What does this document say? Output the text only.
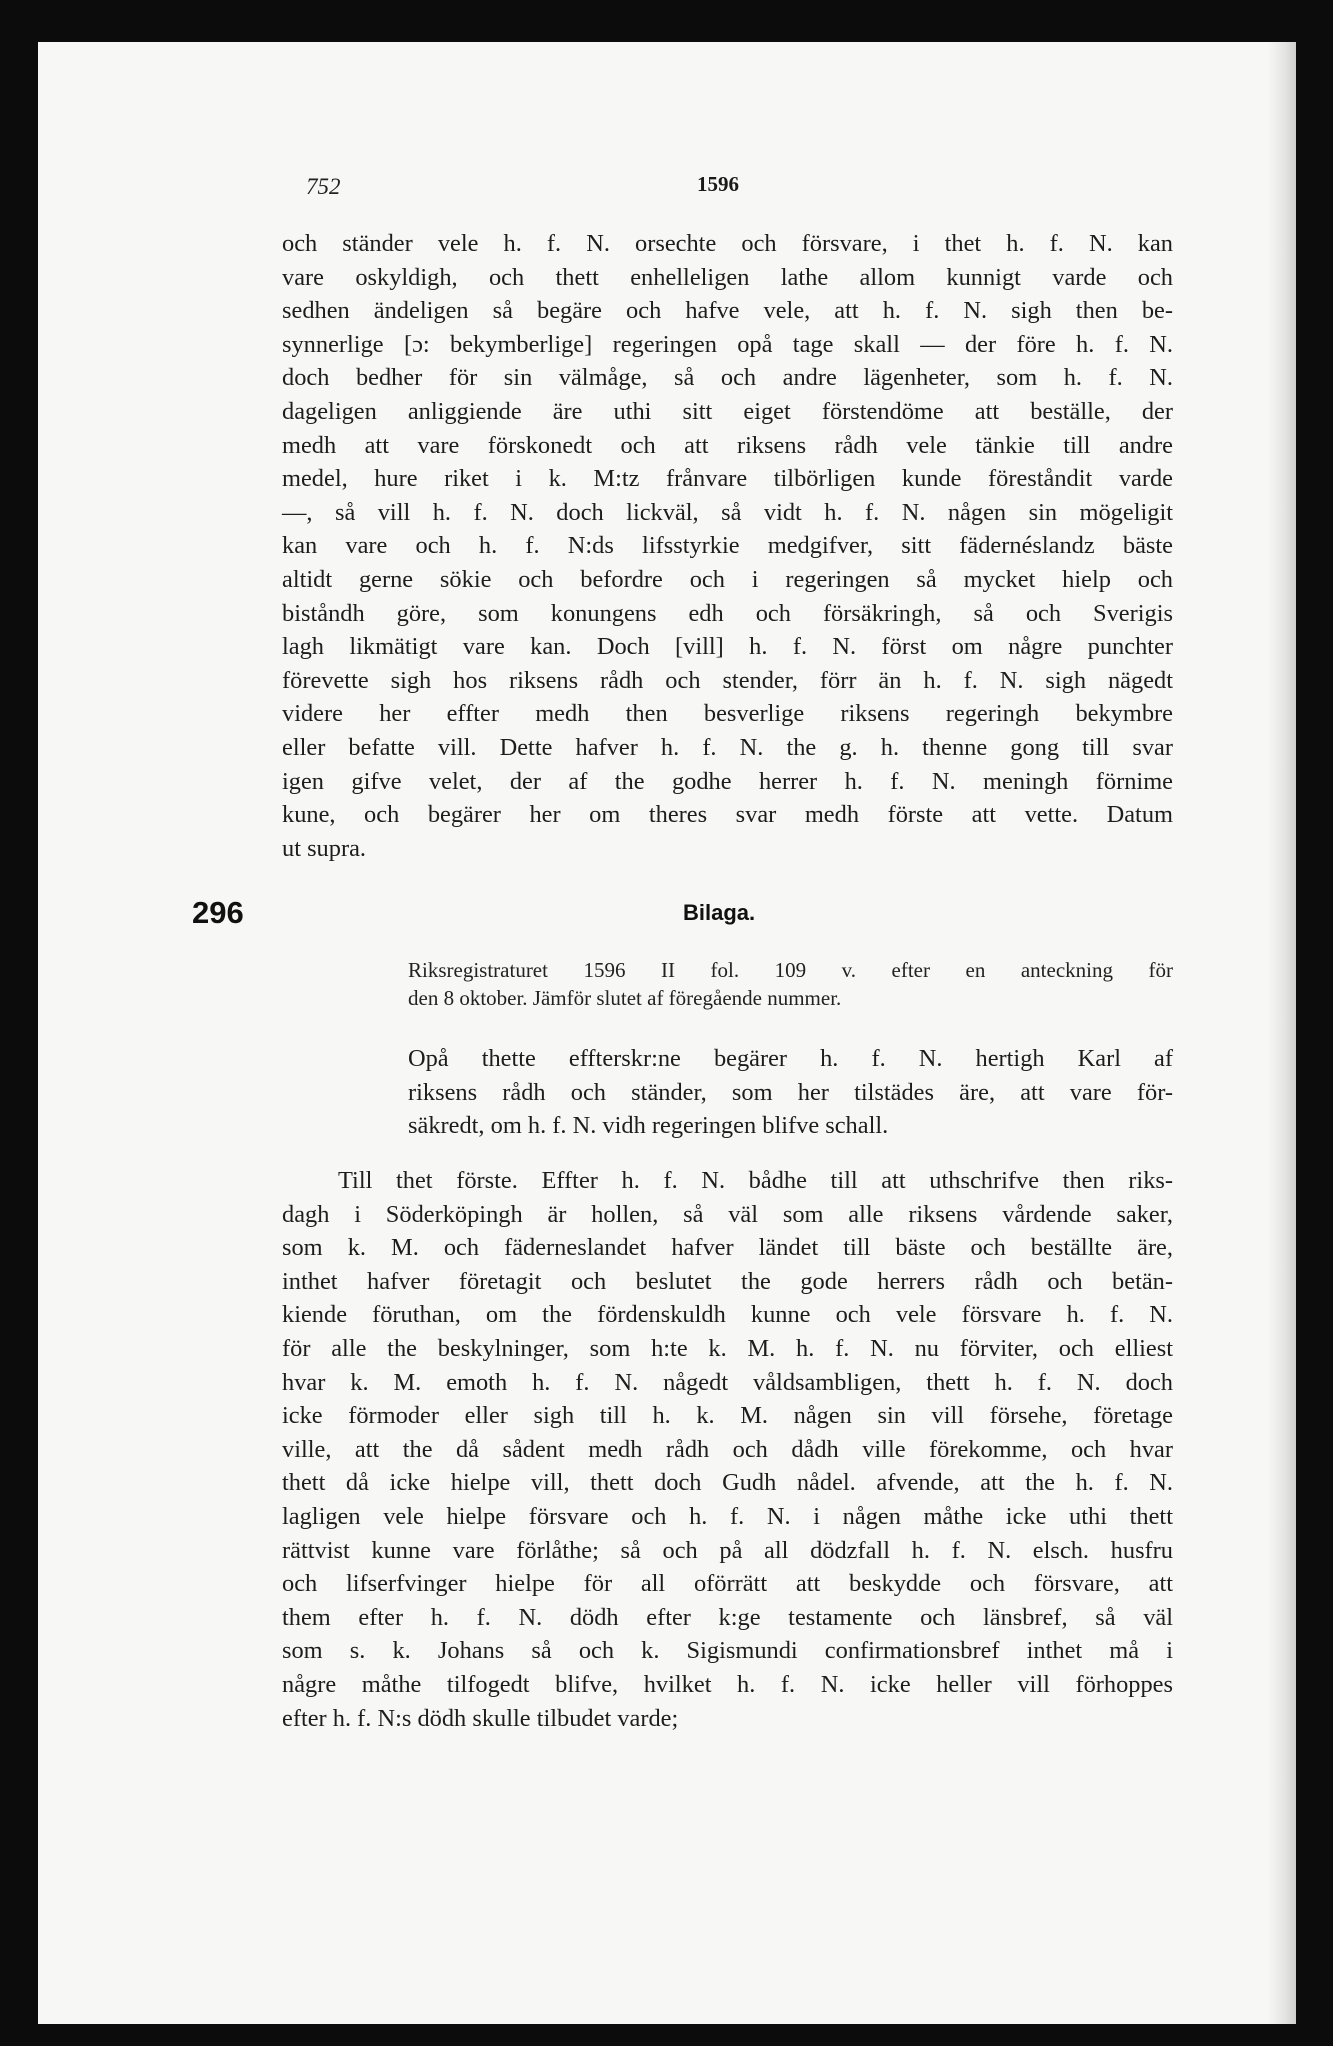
752	1596
och ständer vele h. f. N. orsechte och försvare, i thet h. f. N. kan
vare oskyldigh, och thett enhelleligen lathe allom kunnigt varde och
sedhen ändeligen så begäre och hafve vele, att h. f. N. sigh then be-
synnerlige [ɔ: bekymberlige] regeringen opå tage skall — der före h. f. N.
doch bedher för sin välmåge, så och andre lägenheter, som h. f. N.
dageligen anliggiende äre uthi sitt eiget förstendöme att beställe, der
medh att vare förskonedt och att riksens rådh vele tänkie till andre
medel, hure riket i k. M:tz frånvare tilbörligen kunde föreståndit varde
—, så vill h. f. N. doch lickväl, så vidt h. f. N. någen sin mögeligit
kan vare och h. f. N:ds lifsstyrkie medgifver, sitt fädernéslandz bäste
altidt gerne sökie och befordre och i regeringen så mycket hielp och
biståndh göre, som konungens edh och försäkringh, så och Sverigis
lagh likmätigt vare kan. Doch [vill] h. f. N. först om någre punchter
förevette sigh hos riksens rådh och stender, förr än h. f. N. sigh nägedt
videre her effter medh then besverlige riksens regeringh bekymbre
eller befatte vill. Dette hafver h. f. N. the g. h. thenne gong till svar
igen gifve velet, der af the godhe herrer h. f. N. meningh förnime
kune, och begärer her om theres svar medh förste att vette. Datum
ut supra.
296	Bilaga.
Riksregistraturet 1596 II fol. 109 v. efter en anteckning för
den 8 oktober. Jämför slutet af föregående nummer.
Opå thette effterskr:ne begärer h. f. N. hertigh Karl af
riksens rådh och ständer, som her tilstädes äre, att vare för-
säkredt, om h. f. N. vidh regeringen blifve schall.
Till thet förste. Effter h. f. N. bådhe till att uthschrifve then riks-
dagh i Söderköpingh är hollen, så väl som alle riksens vårdende saker,
som k. M. och fäderneslandet hafver ländet till bäste och beställte äre,
inthet hafver företagit och beslutet the gode herrers rådh och betän-
kiende föruthan, om the fördenskuldh kunne och vele försvare h. f. N.
för alle the beskylninger, som h:te k. M. h. f. N. nu förviter, och elliest
hvar k. M. emoth h. f. N. någedt våldsambligen, thett h. f. N. doch
icke förmoder eller sigh till h. k. M. någen sin vill försehe, företage
ville, att the då sådent medh rådh och dådh ville förekomme, och hvar
thett då icke hielpe vill, thett doch Gudh nådel. afvende, att the h. f. N.
lagligen vele hielpe försvare och h. f. N. i någen måthe icke uthi thett
rättvist kunne vare förlåthe; så och på all dödzfall h. f. N. elsch. husfru
och lifserfvinger hielpe för all oförrätt att beskydde och försvare, att
them efter h. f. N. dödh efter k:ge testamente och länsbref, så väl
som s. k. Johans så och k. Sigismundi confirmationsbref inthet må i
någre måthe tilfogedt blifve, hvilket h. f. N. icke heller vill förhoppes
efter h. f. N:s dödh skulle tilbudet varde;
